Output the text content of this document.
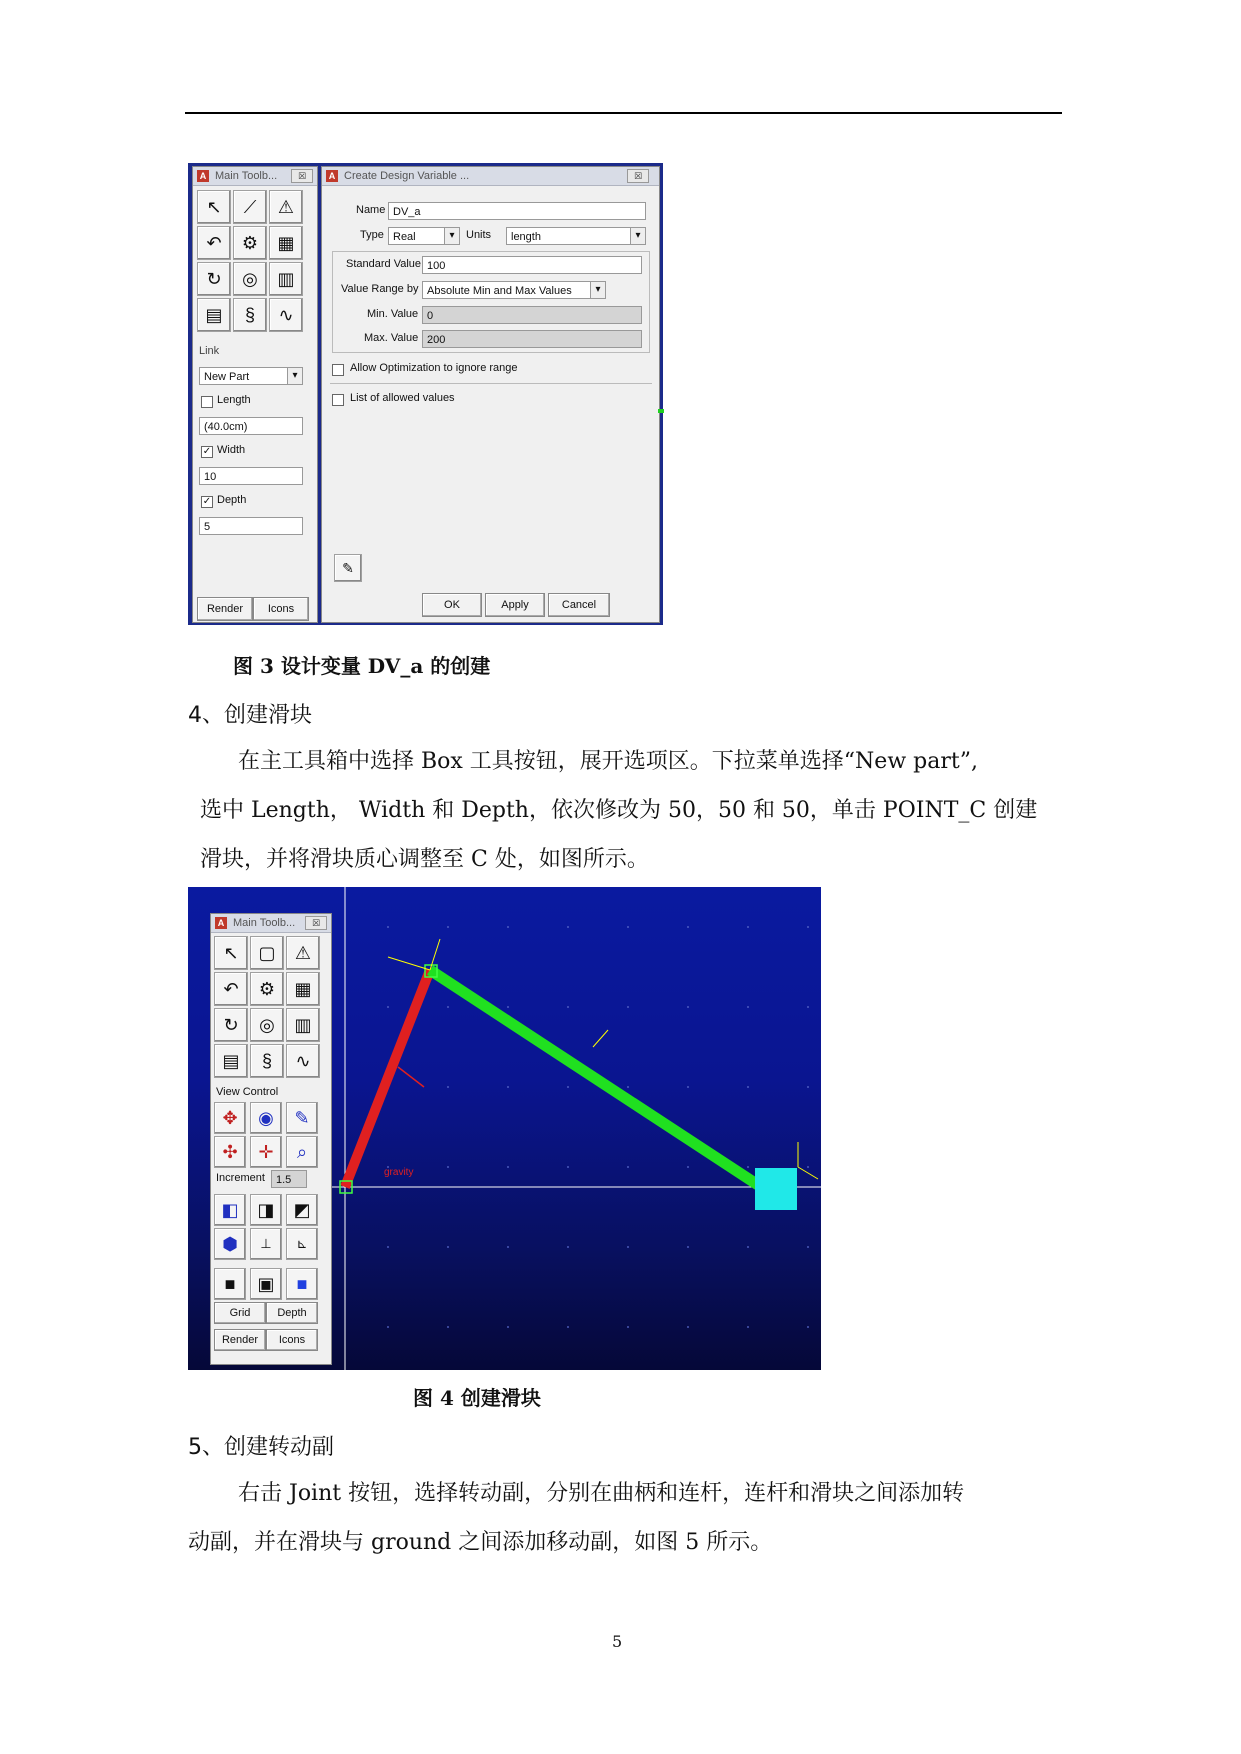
A Main Toolb...	☒
↖	⟋	⚠
↶	⚙	▦
↻	◎	▥
▤	§	∿
Link
New Part ▾
Length
(40.0cm)
✓ Width
10
✓ Depth
5
Render	Icons
A Create Design Variable ...	☒
Name DV_a
Type Real ▾	Units	length ▾
Standard Value 100
Value Range by Absolute Min and Max Values ▾
Min. Value 0
Max. Value 200
Allow Optimization to ignore range
List of allowed values
✎
OK	Apply	Cancel
图 3 设计变量 DV_a 的创建
4、创建滑块
在主工具箱中选择 Box 工具按钮，展开选项区。下拉菜单选择“New part”,
选中 Length， Width 和 Depth，依次修改为 50，50 和 50，单击 POINT_C 创建
滑块，并将滑块质心调整至 C 处，如图所示。
gravity
A Main Toolb...	☒
↖	▢	⚠
↶	⚙	▦
↻	◎	▥
▤	§	∿
View Control
✥	◉	✎
✣	✛	⌕
Increment	1.5
◧	◨	◩
⬢	⊥	⊾
■	▣	■
Grid	Depth
Render	Icons
图 4 创建滑块
5、创建转动副
右击 Joint 按钮，选择转动副，分别在曲柄和连杆，连杆和滑块之间添加转
动副，并在滑块与 ground 之间添加移动副，如图 5 所示。
5
